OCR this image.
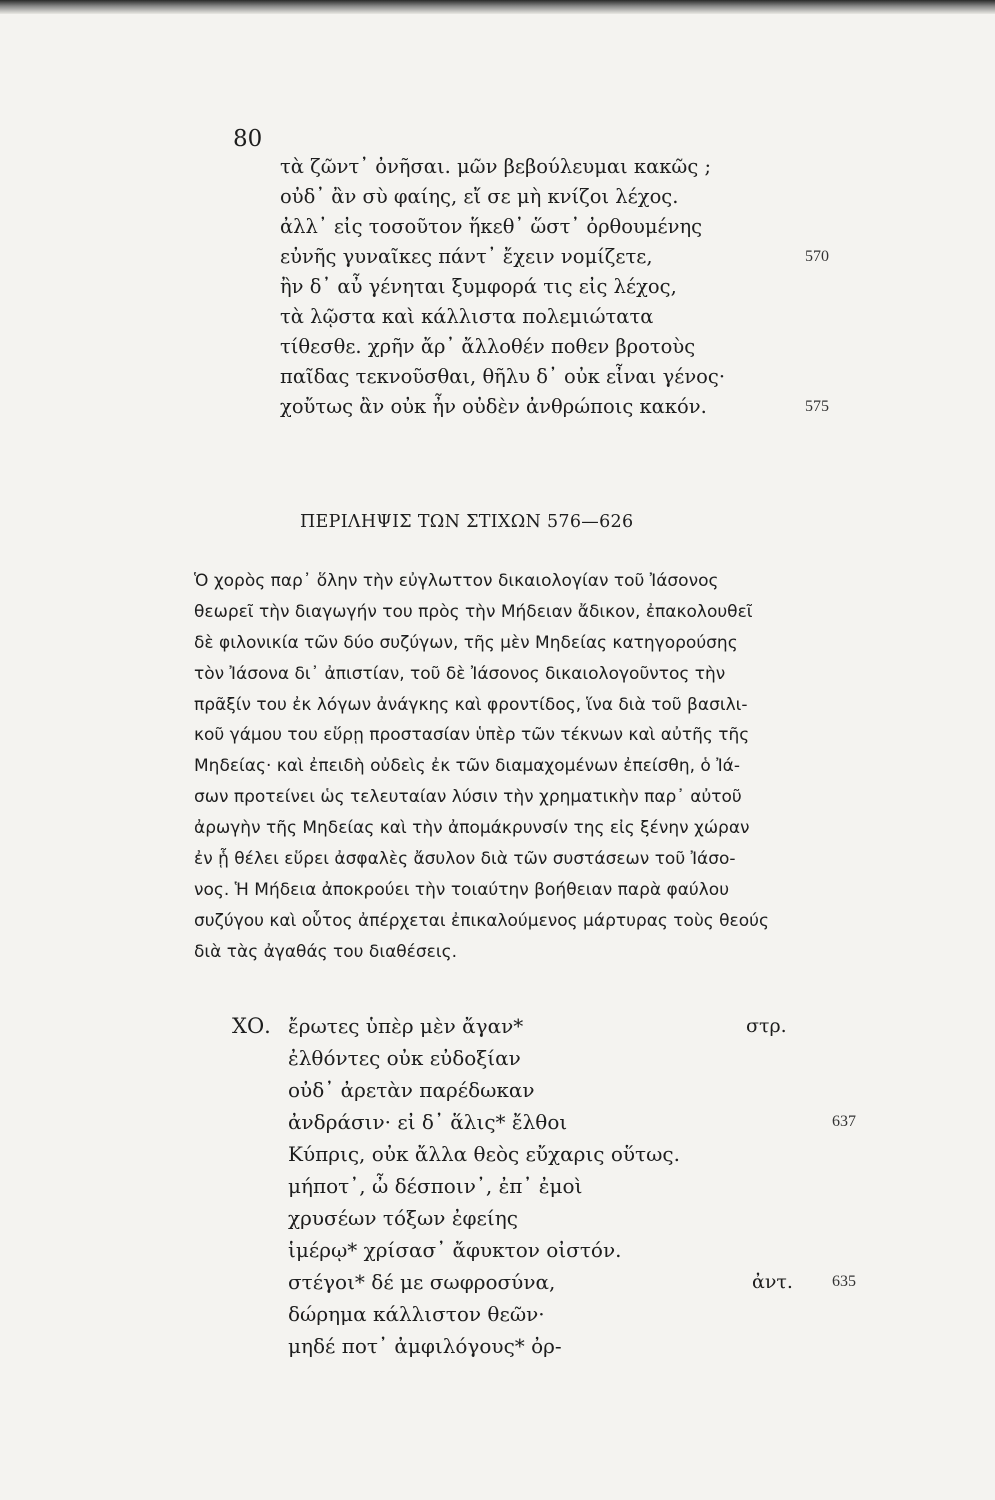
80
τὰ ζῶντ᾽ ὀνῆσαι. μῶν βεβούλευμαι κακῶς ;
οὐδ᾽ ἂν σὺ φαίης, εἴ σε μὴ κνίζοι λέχος.
ἀλλ᾽ εἰς τοσοῦτον ἥκεθ᾽ ὥστ᾽ ὀρθουμένης
εὐνῆς γυναῖκες πάντ᾽ ἔχειν νομίζετε,	570
ἢν δ᾽ αὖ γένηται ξυμφορά τις εἰς λέχος,
τὰ λῷστα καὶ κάλλιστα πολεμιώτατα
τίθεσθε. χρῆν ἄρ᾽ ἄλλοθέν ποθεν βροτοὺς
παῖδας τεκνοῦσθαι, θῆλυ δ᾽ οὐκ εἶναι γένος·
χοὔτως ἂν οὐκ ἦν οὐδὲν ἀνθρώποις κακόν.	575
ΠΕΡΙΛΗΨΙΣ ΤΩΝ ΣΤΙΧΩΝ 576—626
Ὁ χορὸς παρ᾽ ὅλην τὴν εὐγλωττον δικαιολογίαν τοῦ Ἰάσονος
θεωρεῖ τὴν διαγωγήν του πρὸς τὴν Μήδειαν ἄδικον, ἐπακολουθεῖ
δὲ φιλονικία τῶν δύο συζύγων, τῆς μὲν Μηδείας κατηγορούσης
τὸν Ἰάσονα δι᾽ ἀπιστίαν, τοῦ δὲ Ἰάσονος δικαιολογοῦντος τὴν
πρᾶξίν του ἐκ λόγων ἀνάγκης καὶ φροντίδος, ἵνα διὰ τοῦ βασιλι-
κοῦ γάμου του εὕρῃ προστασίαν ὑπὲρ τῶν τέκνων καὶ αὐτῆς τῆς
Μηδείας· καὶ ἐπειδὴ οὐδεὶς ἐκ τῶν διαμαχομένων ἐπείσθη, ὁ Ἰά-
σων προτείνει ὡς τελευταίαν λύσιν τὴν χρηματικὴν παρ᾽ αὐτοῦ
ἀρωγὴν τῆς Μηδείας καὶ τὴν ἀπομάκρυνσίν της εἰς ξένην χώραν
ἐν ᾗ θέλει εὕρει ἀσφαλὲς ἄσυλον διὰ τῶν συστάσεων τοῦ Ἰάσο-
νος. Ἡ Μήδεια ἀποκρούει τὴν τοιαύτην βοήθειαν παρὰ φαύλου
συζύγου καὶ οὗτος ἀπέρχεται ἐπικαλούμενος μάρτυρας τοὺς θεούς
διὰ τὰς ἀγαθάς του διαθέσεις.
ΧΟ. ἔρωτες ὑπὲρ μὲν ἄγαν*	στρ.
ἐλθόντες οὐκ εὐδοξίαν
οὐδ᾽ ἀρετὰν παρέδωκαν
ἀνδράσιν· εἰ δ᾽ ἅλις* ἔλθοι	637
Κύπρις, οὐκ ἄλλα θεὸς εὔχαρις οὕτως.
μήποτ᾽, ὦ δέσποιν᾽, ἐπ᾽ ἐμοὶ
χρυσέων τόξων ἐφείης
ἱμέρῳ* χρίσασ᾽ ἄφυκτον οἰστόν.
στέγοι* δέ με σωφροσύνα,	ἀντ. 635
δώρημα κάλλιστον θεῶν·
μηδέ ποτ᾽ ἀμφιλόγους* ὀρ-
